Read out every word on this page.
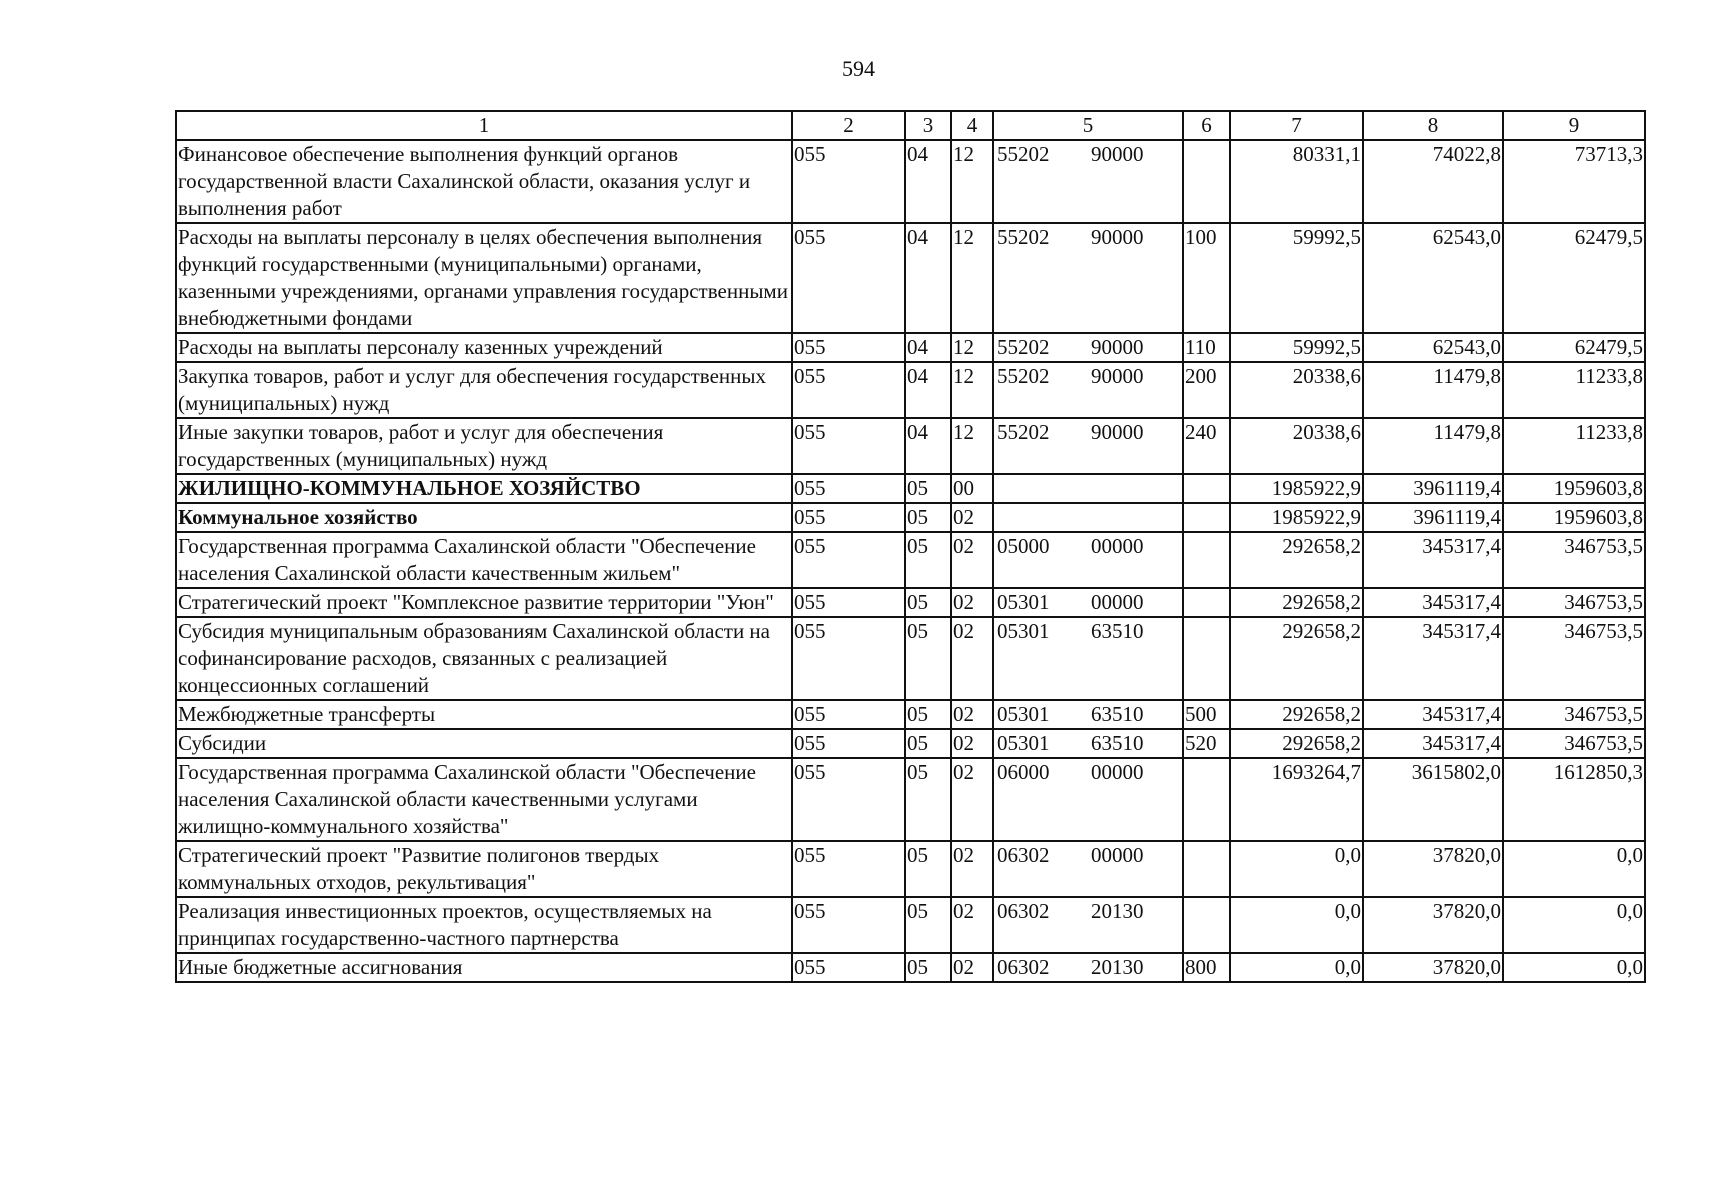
594
1	2	3	4	5	6	7	8	9
Финансовое обеспечение выполнения функций органов государственной власти Сахалинской области, оказания услуг и выполнения работ	055	04	12	55202 90000		80331,1	74022,8	73713,3
Расходы на выплаты персоналу в целях обеспечения выполнения функций государственными (муниципальными) органами, казенными учреждениями, органами управления государственными внебюджетными фондами	055	04	12	55202 90000	100	59992,5	62543,0	62479,5
Расходы на выплаты персоналу казенных учреждений	055	04	12	55202 90000	110	59992,5	62543,0	62479,5
Закупка товаров, работ и услуг для обеспечения государственных (муниципальных) нужд	055	04	12	55202 90000	200	20338,6	11479,8	11233,8
Иные закупки товаров, работ и услуг для обеспечения государственных (муниципальных) нужд	055	04	12	55202 90000	240	20338,6	11479,8	11233,8
ЖИЛИЩНО-КОММУНАЛЬНОЕ ХОЗЯЙСТВО	055	05	00			1985922,9	3961119,4	1959603,8
Коммунальное хозяйство	055	05	02			1985922,9	3961119,4	1959603,8
Государственная программа Сахалинской области "Обеспечение населения Сахалинской области качественным жильем"	055	05	02	05000 00000		292658,2	345317,4	346753,5
Стратегический проект "Комплексное развитие территории "Уюн"	055	05	02	05301 00000		292658,2	345317,4	346753,5
Субсидия муниципальным образованиям Сахалинской области на софинансирование расходов, связанных с реализацией концессионных соглашений	055	05	02	05301 63510		292658,2	345317,4	346753,5
Межбюджетные трансферты	055	05	02	05301 63510	500	292658,2	345317,4	346753,5
Субсидии	055	05	02	05301 63510	520	292658,2	345317,4	346753,5
Государственная программа Сахалинской области "Обеспечение населения Сахалинской области качественными услугами жилищно-коммунального хозяйства"	055	05	02	06000 00000		1693264,7	3615802,0	1612850,3
Стратегический проект "Развитие полигонов твердых коммунальных отходов, рекультивация"	055	05	02	06302 00000		0,0	37820,0	0,0
Реализация инвестиционных проектов, осуществляемых на принципах государственно-частного партнерства	055	05	02	06302 20130		0,0	37820,0	0,0
Иные бюджетные ассигнования	055	05	02	06302 20130	800	0,0	37820,0	0,0
